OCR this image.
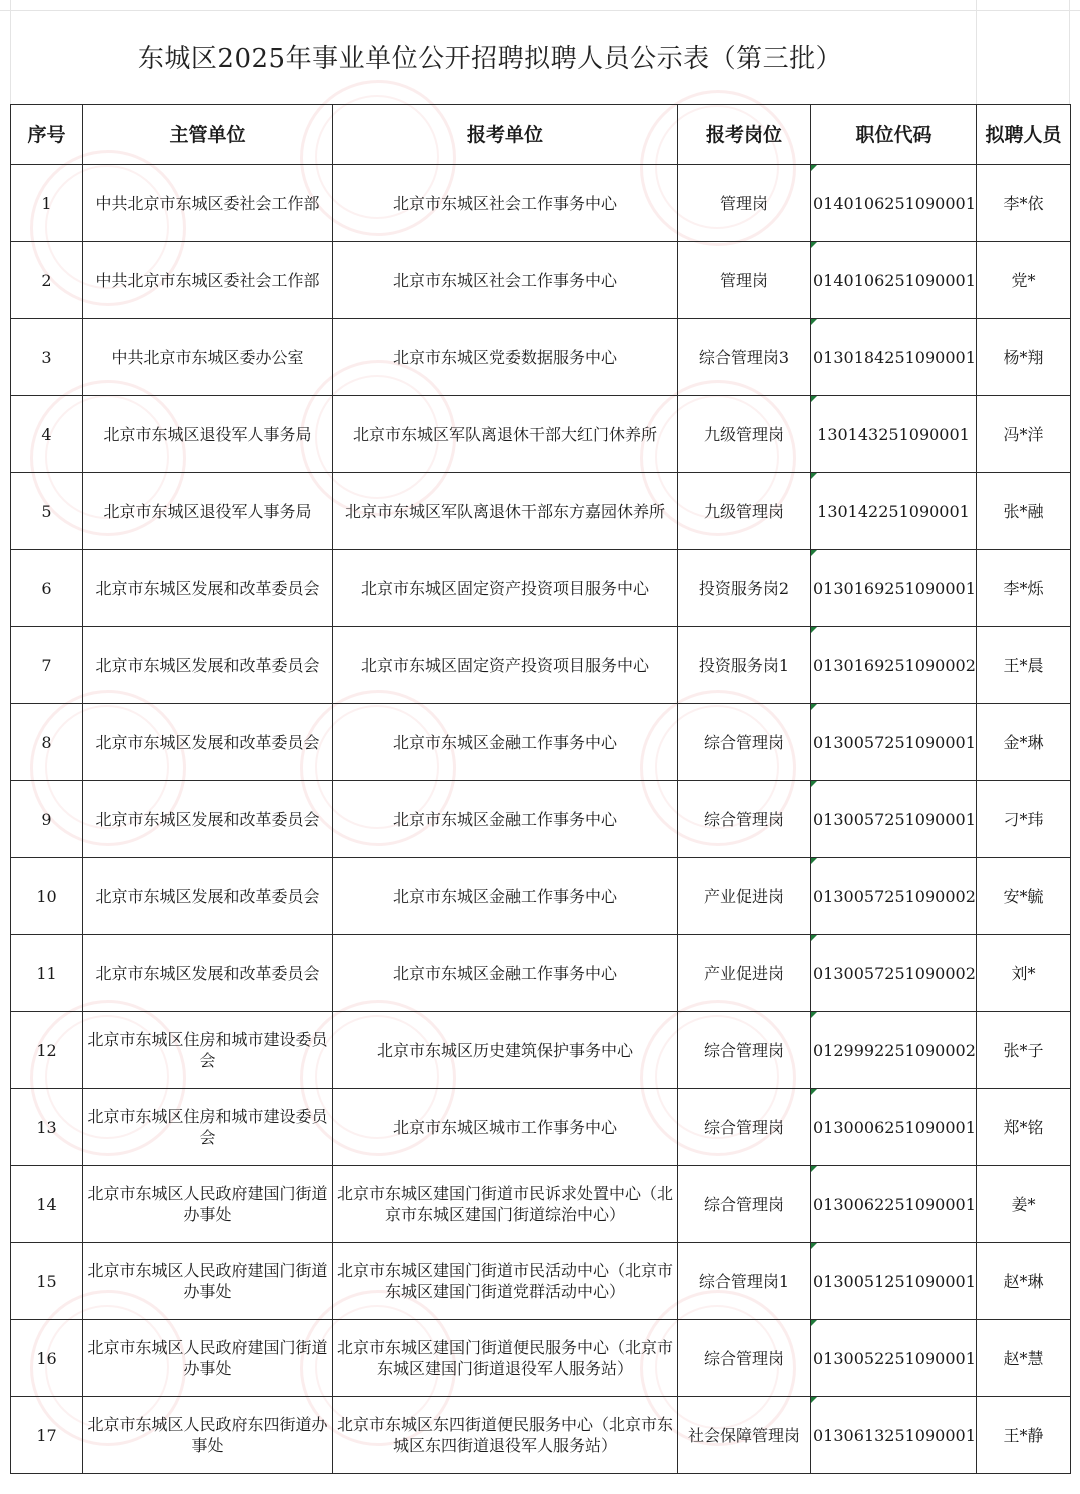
东城区2025年事业单位公开招聘拟聘人员公示表（第三批）
序号	主管单位	报考单位	报考岗位	职位代码	拟聘人员
1	中共北京市东城区委社会工作部	北京市东城区社会工作事务中心	管理岗	0140106251090001	李*依
2	中共北京市东城区委社会工作部	北京市东城区社会工作事务中心	管理岗	0140106251090001	党*
3	中共北京市东城区委办公室	北京市东城区党委数据服务中心	综合管理岗3	0130184251090001	杨*翔
4	北京市东城区退役军人事务局	北京市东城区军队离退休干部大红门休养所	九级管理岗	130143251090001	冯*洋
5	北京市东城区退役军人事务局	北京市东城区军队离退休干部东方嘉园休养所	九级管理岗	130142251090001	张*融
6	北京市东城区发展和改革委员会	北京市东城区固定资产投资项目服务中心	投资服务岗2	0130169251090001	李*烁
7	北京市东城区发展和改革委员会	北京市东城区固定资产投资项目服务中心	投资服务岗1	0130169251090002	王*晨
8	北京市东城区发展和改革委员会	北京市东城区金融工作事务中心	综合管理岗	0130057251090001	金*琳
9	北京市东城区发展和改革委员会	北京市东城区金融工作事务中心	综合管理岗	0130057251090001	刁*玮
10	北京市东城区发展和改革委员会	北京市东城区金融工作事务中心	产业促进岗	0130057251090002	安*毓
11	北京市东城区发展和改革委员会	北京市东城区金融工作事务中心	产业促进岗	0130057251090002	刘*
12	北京市东城区住房和城市建设委员会	北京市东城区历史建筑保护事务中心	综合管理岗	0129992251090002	张*子
13	北京市东城区住房和城市建设委员会	北京市东城区城市工作事务中心	综合管理岗	0130006251090001	郑*铭
14	北京市东城区人民政府建国门街道办事处	北京市东城区建国门街道市民诉求处置中心（北京市东城区建国门街道综治中心）	综合管理岗	0130062251090001	姜*
15	北京市东城区人民政府建国门街道办事处	北京市东城区建国门街道市民活动中心（北京市东城区建国门街道党群活动中心）	综合管理岗1	0130051251090001	赵*琳
16	北京市东城区人民政府建国门街道办事处	北京市东城区建国门街道便民服务中心（北京市东城区建国门街道退役军人服务站）	综合管理岗	0130052251090001	赵*慧
17	北京市东城区人民政府东四街道办事处	北京市东城区东四街道便民服务中心（北京市东城区东四街道退役军人服务站）	社会保障管理岗	0130613251090001	王*静
